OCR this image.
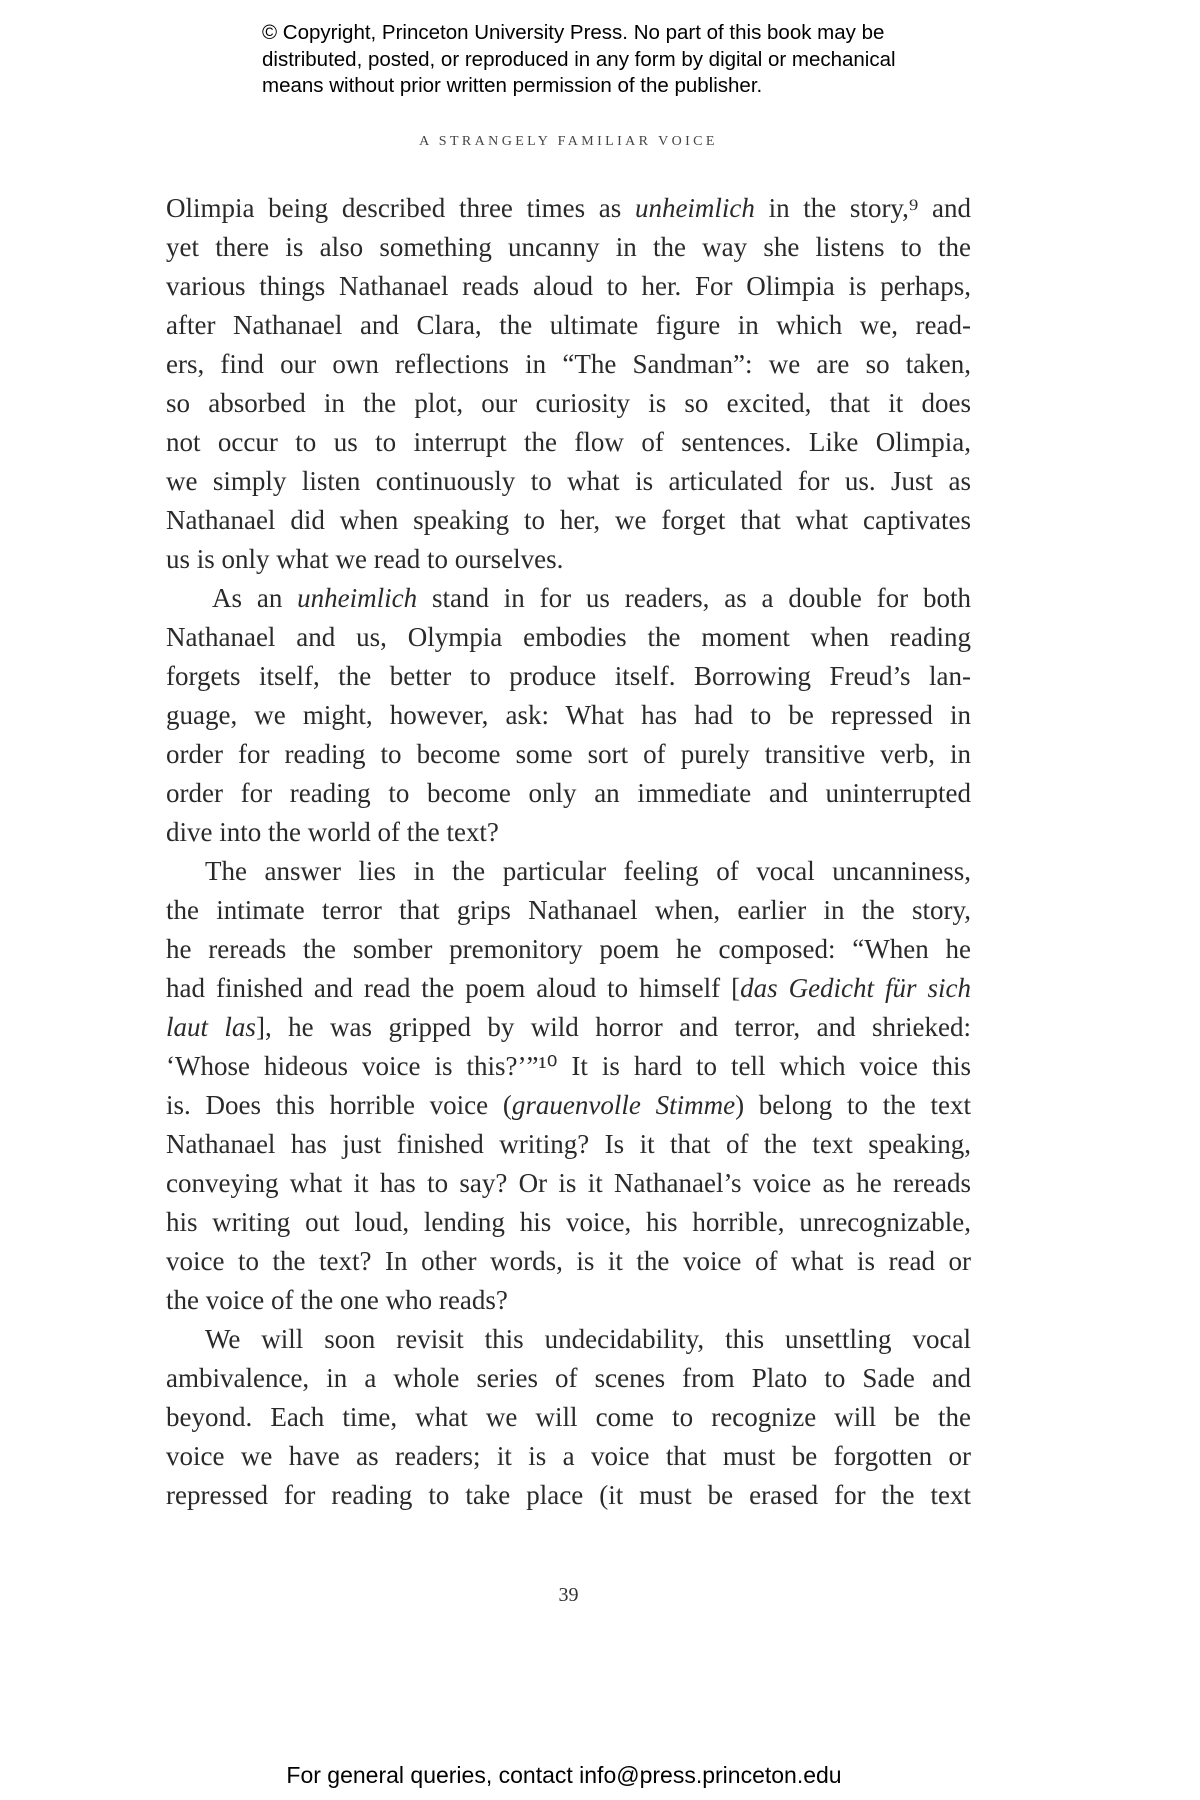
© Copyright, Princeton University Press. No part of this book may be
distributed, posted, or reproduced in any form by digital or mechanical
means without prior written permission of the publisher.
A STRANGELY FAMILIAR VOICE
Olimpia being described three times as unheimlich in the story,⁹ and
yet there is also something uncanny in the way she listens to the
various things Nathanael reads aloud to her. For Olimpia is perhaps,
after Nathanael and Clara, the ultimate figure in which we, read-
ers, find our own reflections in “The Sandman”: we are so taken,
so absorbed in the plot, our curiosity is so excited, that it does
not occur to us to interrupt the flow of sentences. Like Olimpia,
we simply listen continuously to what is articulated for us. Just as
Nathanael did when speaking to her, we forget that what captivates
us is only what we read to ourselves.
As an unheimlich stand in for us readers, as a double for both
Nathanael and us, Olympia embodies the moment when reading
forgets itself, the better to produce itself. Borrowing Freud’s lan-
guage, we might, however, ask: What has had to be repressed in
order for reading to become some sort of purely transitive verb, in
order for reading to become only an immediate and uninterrupted
dive into the world of the text?
The answer lies in the particular feeling of vocal uncanniness,
the intimate terror that grips Nathanael when, earlier in the story,
he rereads the somber premonitory poem he composed: “When he
had finished and read the poem aloud to himself [das Gedicht für sich
laut las], he was gripped by wild horror and terror, and shrieked:
‘Whose hideous voice is this?’”¹⁰ It is hard to tell which voice this
is. Does this horrible voice (grauenvolle Stimme) belong to the text
Nathanael has just finished writing? Is it that of the text speaking,
conveying what it has to say? Or is it Nathanael’s voice as he rereads
his writing out loud, lending his voice, his horrible, unrecognizable,
voice to the text? In other words, is it the voice of what is read or
the voice of the one who reads?
We will soon revisit this undecidability, this unsettling vocal
ambivalence, in a whole series of scenes from Plato to Sade and
beyond. Each time, what we will come to recognize will be the
voice we have as readers; it is a voice that must be forgotten or
repressed for reading to take place (it must be erased for the text
39
For general queries, contact info@press.princeton.edu
